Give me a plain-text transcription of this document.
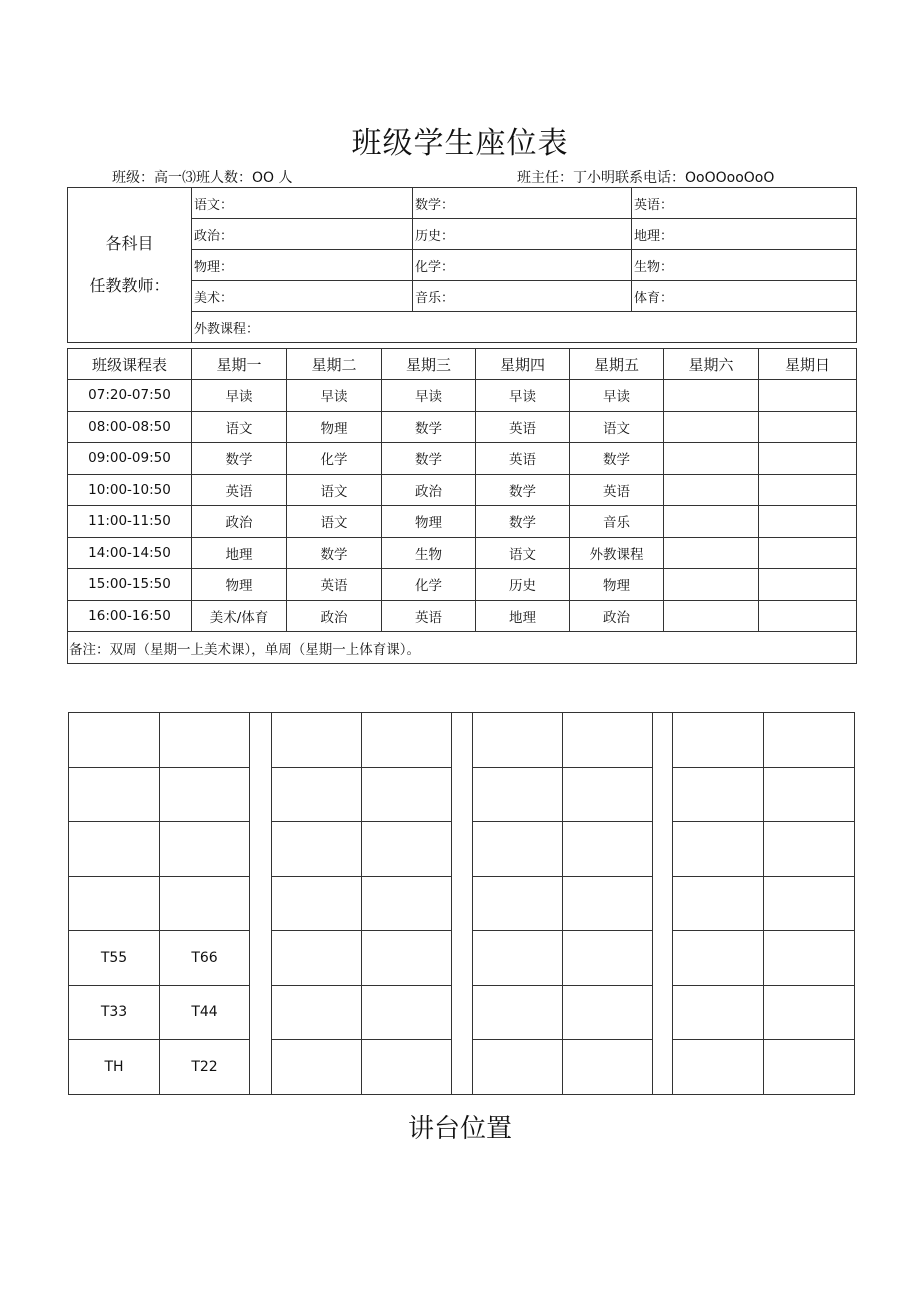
班级学生座位表
班级：高一⑶班人数：OO 人	班主任：丁小明联系电话：OoOOooOoO
各科目
任教教师：	语文：	数学：	英语：
	政治：	历史：	地理：
	物理：	化学：	生物：
	美术：	音乐：	体育：
	外教课程：		
班级课程表	星期一	星期二	星期三	星期四	星期五	星期六	星期日
07:20-07:50	早读	早读	早读	早读	早读		
08:00-08:50	语文	物理	数学	英语	语文		
09:00-09:50	数学	化学	数学	英语	数学		
10:00-10:50	英语	语文	政治	数学	英语		
11:00-11:50	政治	语文	物理	数学	音乐		
14:00-14:50	地理	数学	生物	语文	外教课程		
15:00-15:50	物理	英语	化学	历史	物理		
16:00-16:50	美术/体育	政治	英语	地理	政治		
备注：双周（星期一上美术课），单周（星期一上体育课）。							

T55	T66									
T33	T44									
TH	T22									
讲台位置
